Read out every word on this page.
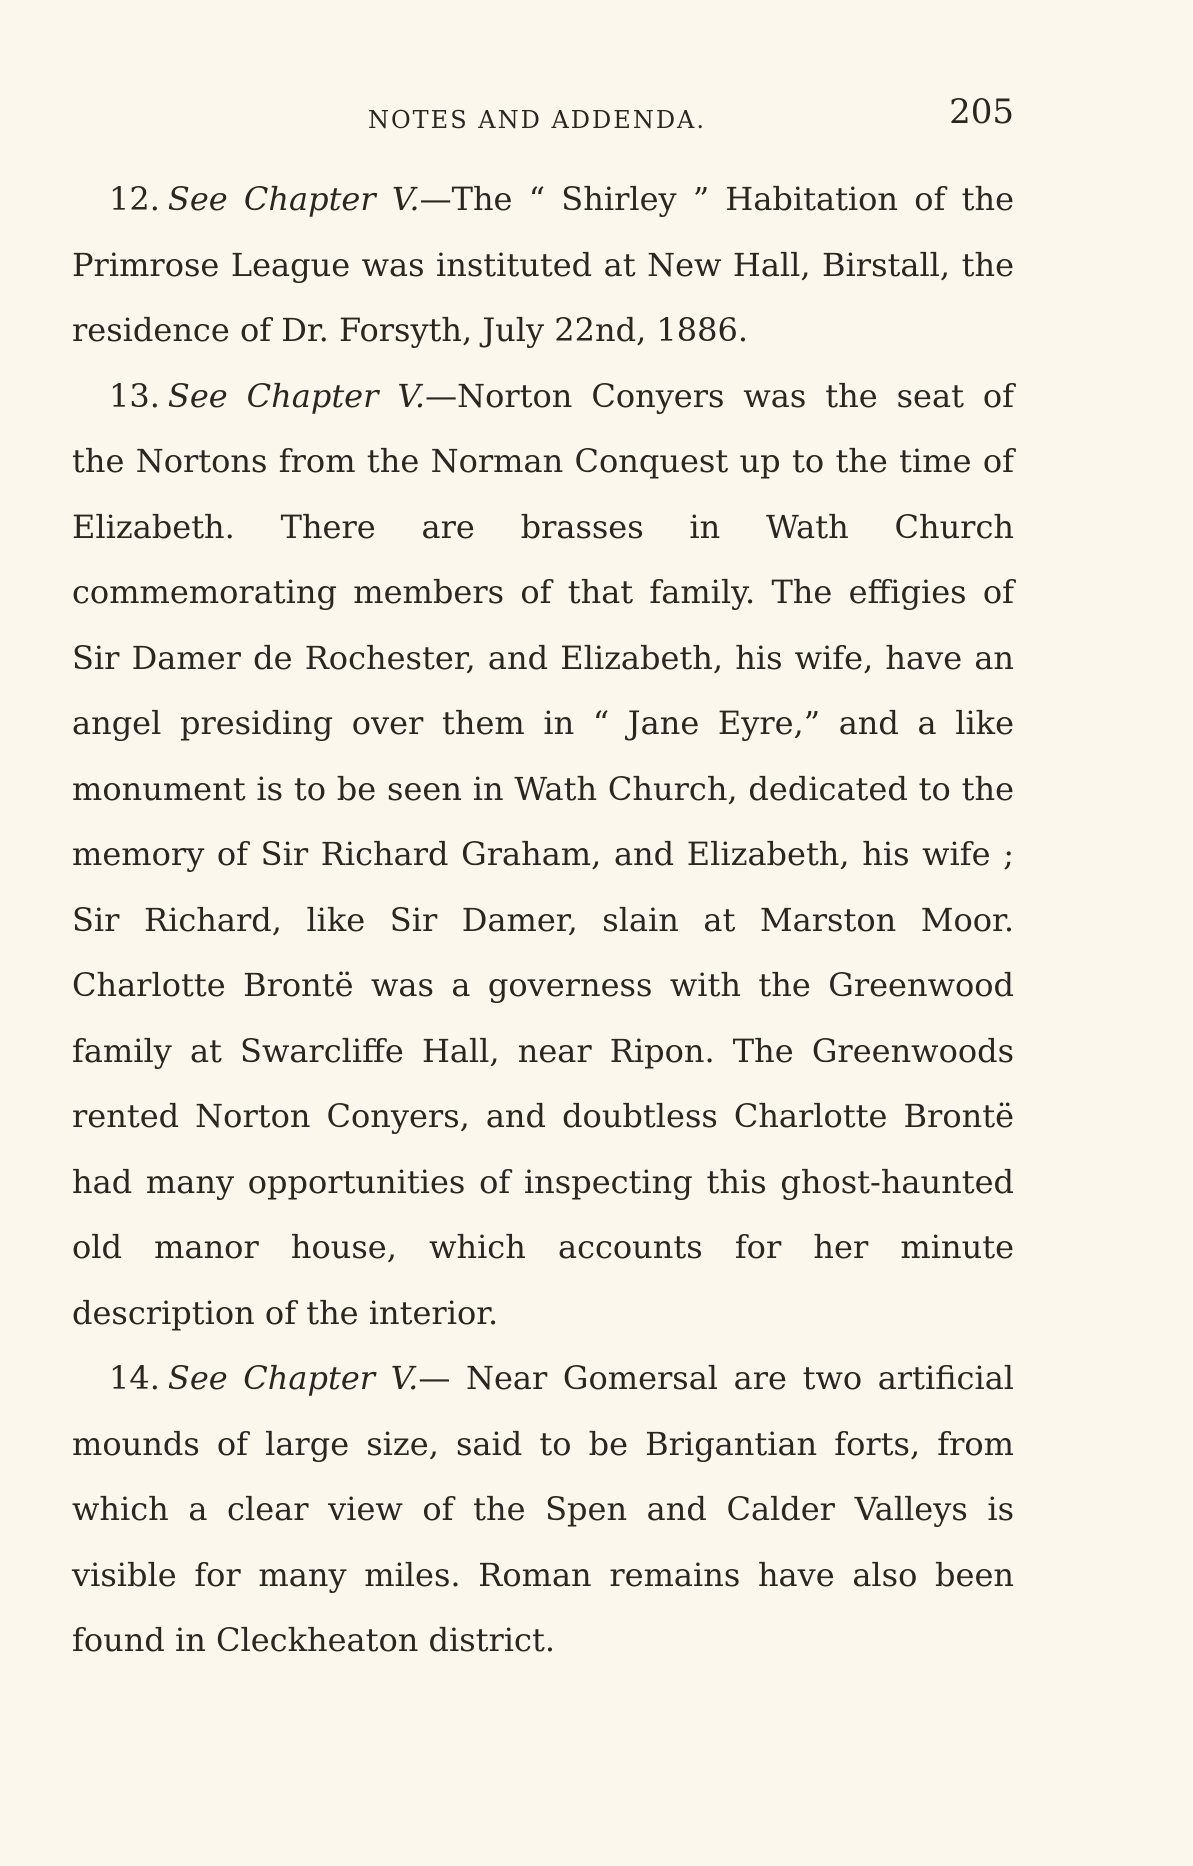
NOTES AND ADDENDA.	205

12. See Chapter V.—The “ Shirley ” Habitation of the Primrose League was instituted at New Hall, Birstall, the residence of Dr. Forsyth, July 22nd, 1886.

13. See Chapter V.—Norton Conyers was the seat of the Nortons from the Norman Conquest up to the time of Elizabeth. There are brasses in Wath Church commemorating members of that family. The effigies of Sir Damer de Rochester, and Elizabeth, his wife, have an angel presiding over them in “ Jane Eyre,” and a like monument is to be seen in Wath Church, dedicated to the memory of Sir Richard Graham, and Elizabeth, his wife ; Sir Richard, like Sir Damer, slain at Marston Moor. Charlotte Brontë was a governess with the Greenwood family at Swarcliffe Hall, near Ripon. The Greenwoods rented Norton Conyers, and doubtless Charlotte Brontë had many opportunities of inspecting this ghost-haunted old manor house, which accounts for her minute description of the interior.

14. See Chapter V.— Near Gomersal are two artificial mounds of large size, said to be Brigantian forts, from which a clear view of the Spen and Calder Valleys is visible for many miles. Roman remains have also been found in Cleckheaton district.
